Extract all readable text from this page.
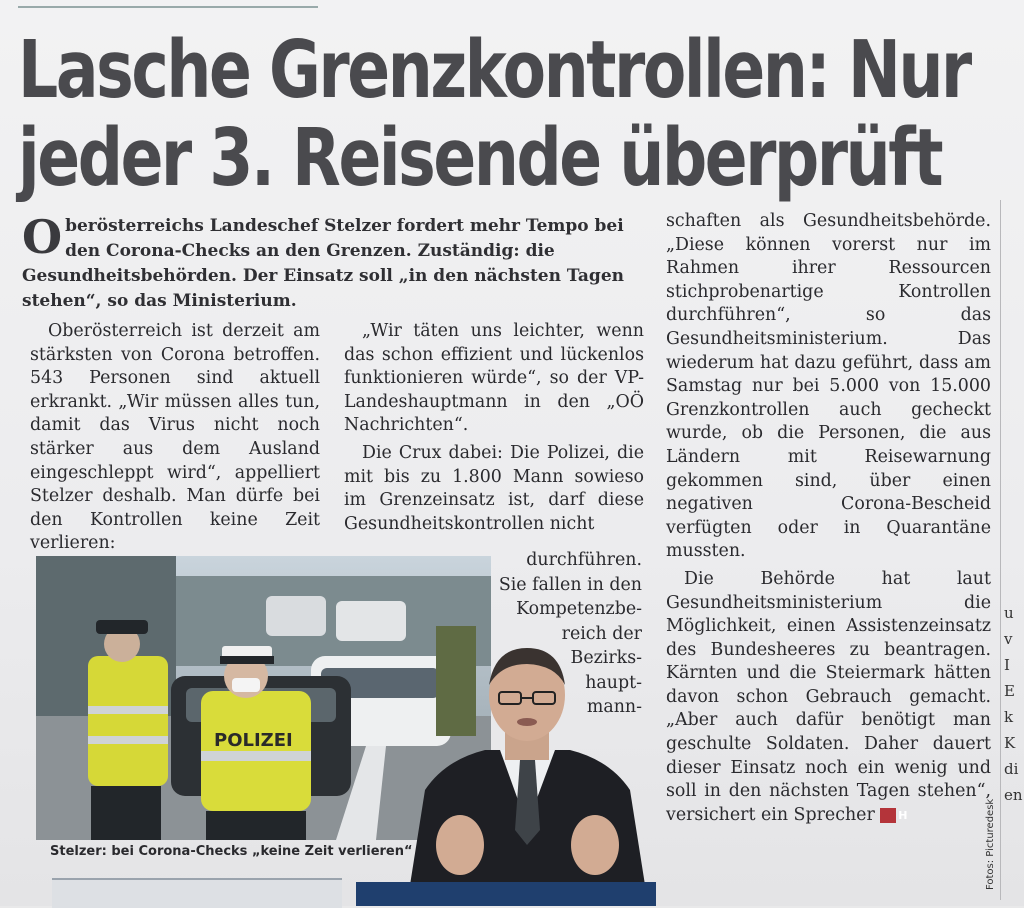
Lasche Grenzkontrollen: Nur
jeder 3. Reisende überprüft
Oberösterreichs Landeschef Stelzer fordert mehr Tempo bei den Corona-Checks an den Grenzen. Zuständig: die Gesundheitsbehörden. Der Einsatz soll „in den nächsten Tagen stehen“, so das Ministerium.

Oberösterreich ist derzeit am stärksten von Corona betroffen. 543 Personen sind aktuell erkrankt. „Wir müssen alles tun, damit das Virus nicht noch stärker aus dem Ausland eingeschleppt wird“, appelliert Stelzer deshalb. Man dürfe bei den Kontrollen keine Zeit verlieren:

„Wir täten uns leichter, wenn das schon effizient und lückenlos funktionieren würde“, so der VP-Landeshauptmann in den „OÖ Nachrichten“.

Die Crux dabei: Die Polizei, die mit bis zu 1.800 Mann sowieso im Grenzeinsatz ist, darf diese Gesundheitskontrollen nicht

durchführen.
Sie fallen in den
Kompetenzbe-
reich der
Bezirks-
haupt-
mann-

schaften als Gesundheitsbehörde. „Diese können vorerst nur im Rahmen ihrer Ressourcen stichprobenartige Kontrollen durchführen“, so das Gesundheitsministerium. Das wiederum hat dazu geführt, dass am Samstag nur bei 5.000 von 15.000 Grenzkontrollen auch gecheckt wurde, ob die Personen, die aus Ländern mit Reisewarnung gekommen sind, über einen negativen Corona-Bescheid verfügten oder in Quarantäne mussten.

Die Behörde hat laut Gesundheitsministerium die Möglichkeit, einen Assistenzeinsatz des Bundesheeres zu beantragen. Kärnten und die Steiermark hätten davon schon Gebrauch gemacht. „Aber auch dafür benötigt man geschulte Soldaten. Daher dauert dieser Einsatz noch ein wenig und soll in den nächsten Tagen stehen“, versichert ein Sprecher H

POLIZEI
Stelzer: bei Corona-Checks „keine Zeit verlieren“	Fotos: Picturedesk
u
v
I
E
k
K
di
en
